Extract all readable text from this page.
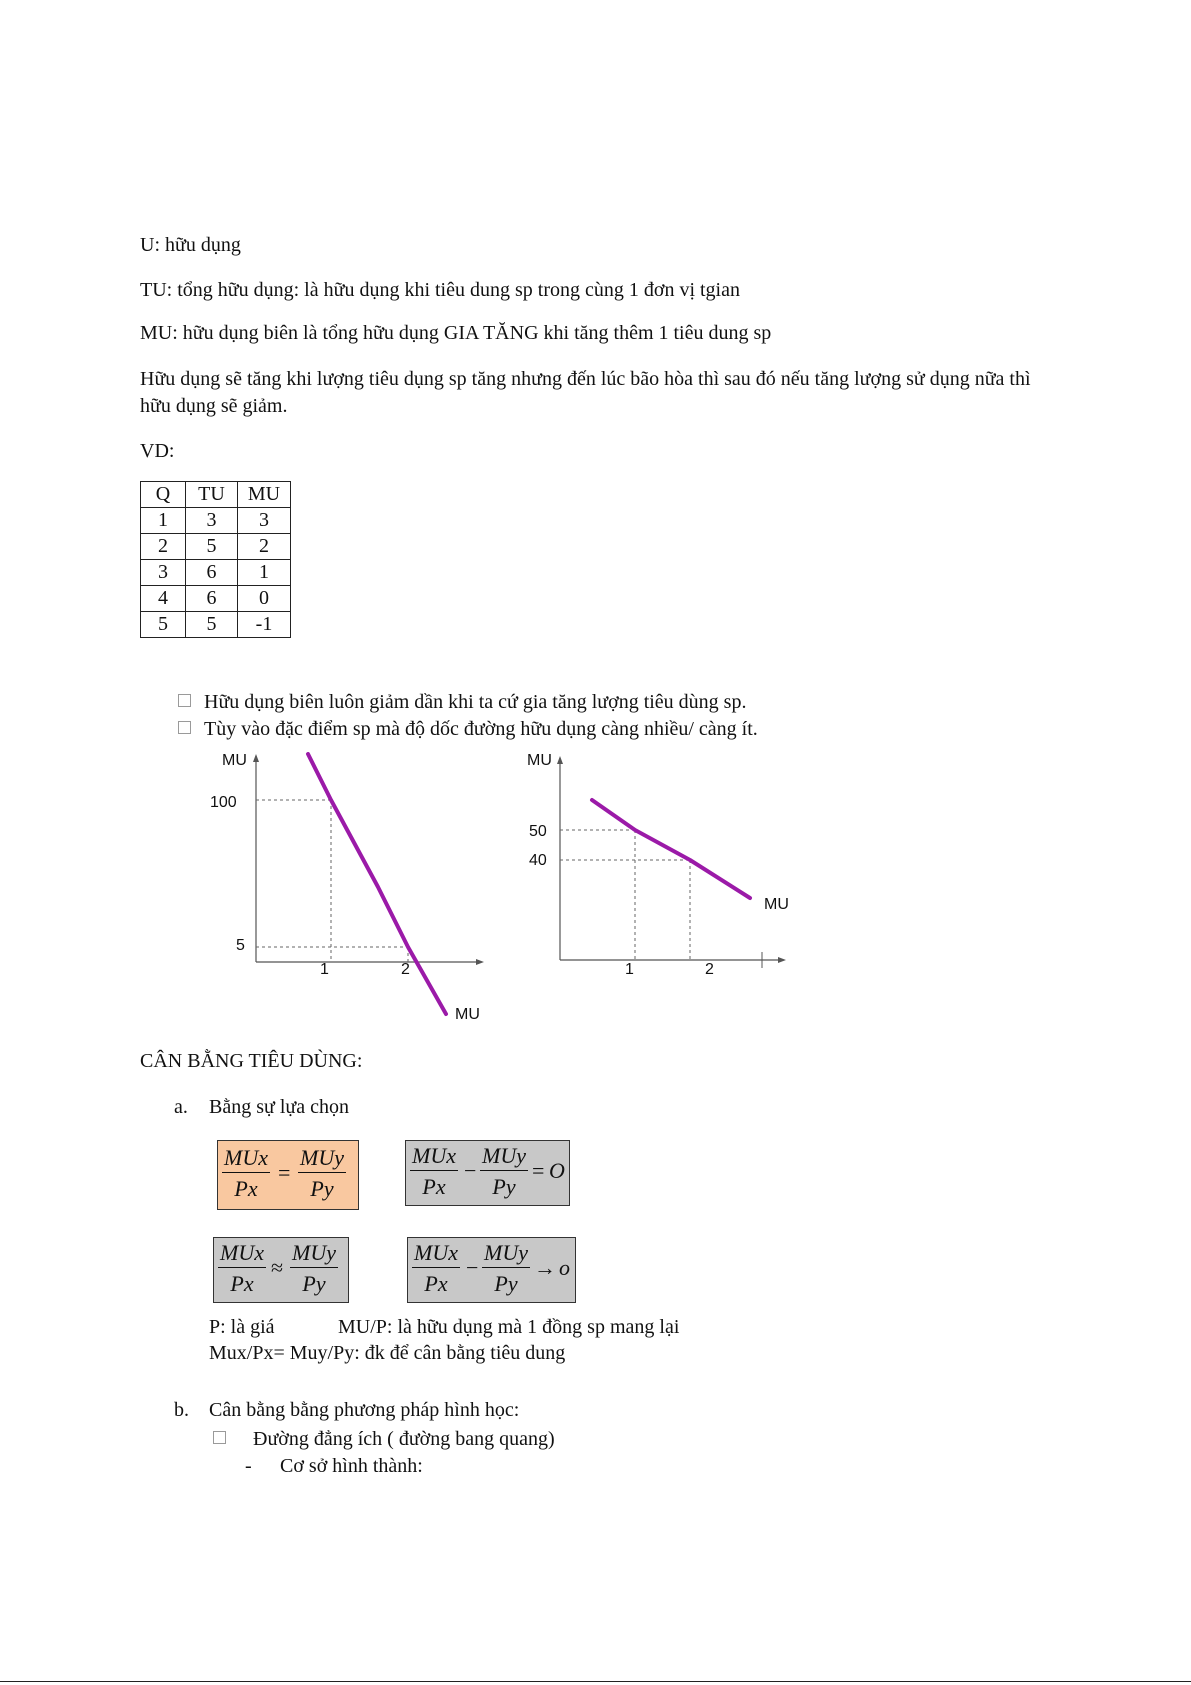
U: hữu dụng
TU: tổng hữu dụng: là hữu dụng khi tiêu dung sp trong cùng 1 đơn vị tgian
MU: hữu dụng biên là tổng hữu dụng GIA TĂNG khi tăng thêm 1 tiêu dung sp
Hữu dụng sẽ tăng khi lượng tiêu dụng sp tăng nhưng đến lúc bão hòa thì sau đó nếu tăng lượng sử dụng nữa thì hữu dụng sẽ giảm.
VD:
Q	TU	MU
1	3	3
2	5	2
3	6	1
4	6	0
5	5	-1
Hữu dụng biên luôn giảm dần khi ta cứ gia tăng lượng tiêu dùng sp.
Tùy vào đặc điểm sp mà độ dốc đường hữu dụng càng nhiều/ càng ít.
MU
100
5
1	2
MU
MU
50
40
1	2
MU
CÂN BẰNG TIÊU DÙNG:
a. Bằng sự lựa chọn
MUx
Px
=
MUy
Py
MUx
Px
−
MUy
Py
= O
MUx
Px
≈
MUy
Py
MUx
Px
−
MUy
Py
→ o
P: là giá	MU/P: là hữu dụng mà 1 đồng sp mang lại
Mux/Px= Muy/Py: đk để cân bằng tiêu dung
b. Cân bằng bằng phương pháp hình học:
Đường đẳng ích ( đường bang quang)
- Cơ sở hình thành:
